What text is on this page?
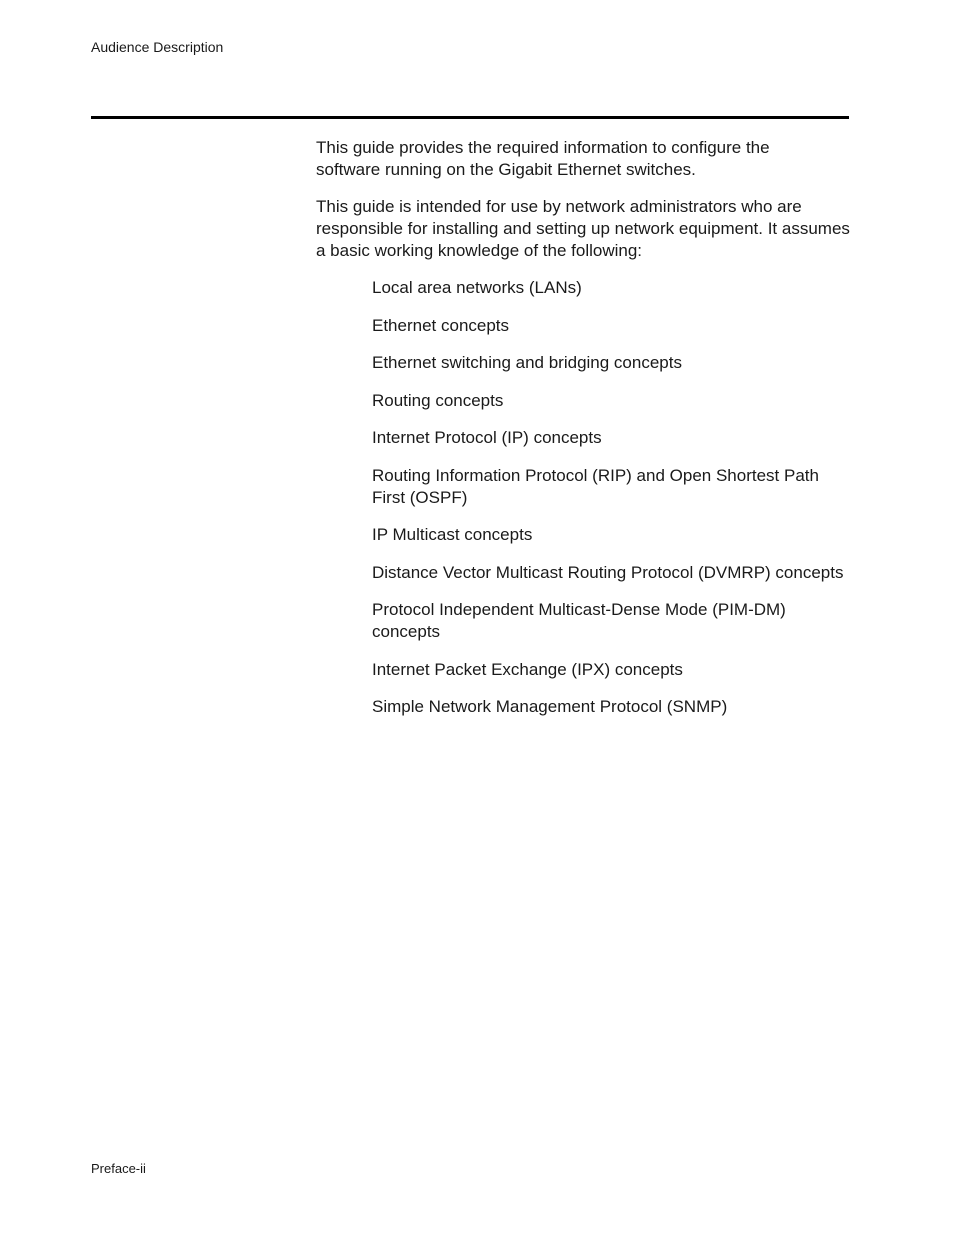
Audience Description

This guide provides the required information to configure the software running on the Gigabit Ethernet switches.

This guide is intended for use by network administrators who are responsible for installing and setting up network equipment. It assumes a basic working knowledge of the following:

Local area networks (LANs)
Ethernet concepts
Ethernet switching and bridging concepts
Routing concepts
Internet Protocol (IP) concepts
Routing Information Protocol (RIP) and Open Shortest Path First (OSPF)
IP Multicast concepts
Distance Vector Multicast Routing Protocol (DVMRP) concepts
Protocol Independent Multicast-Dense Mode (PIM-DM) concepts
Internet Packet Exchange (IPX) concepts
Simple Network Management Protocol (SNMP)

Preface-ii
